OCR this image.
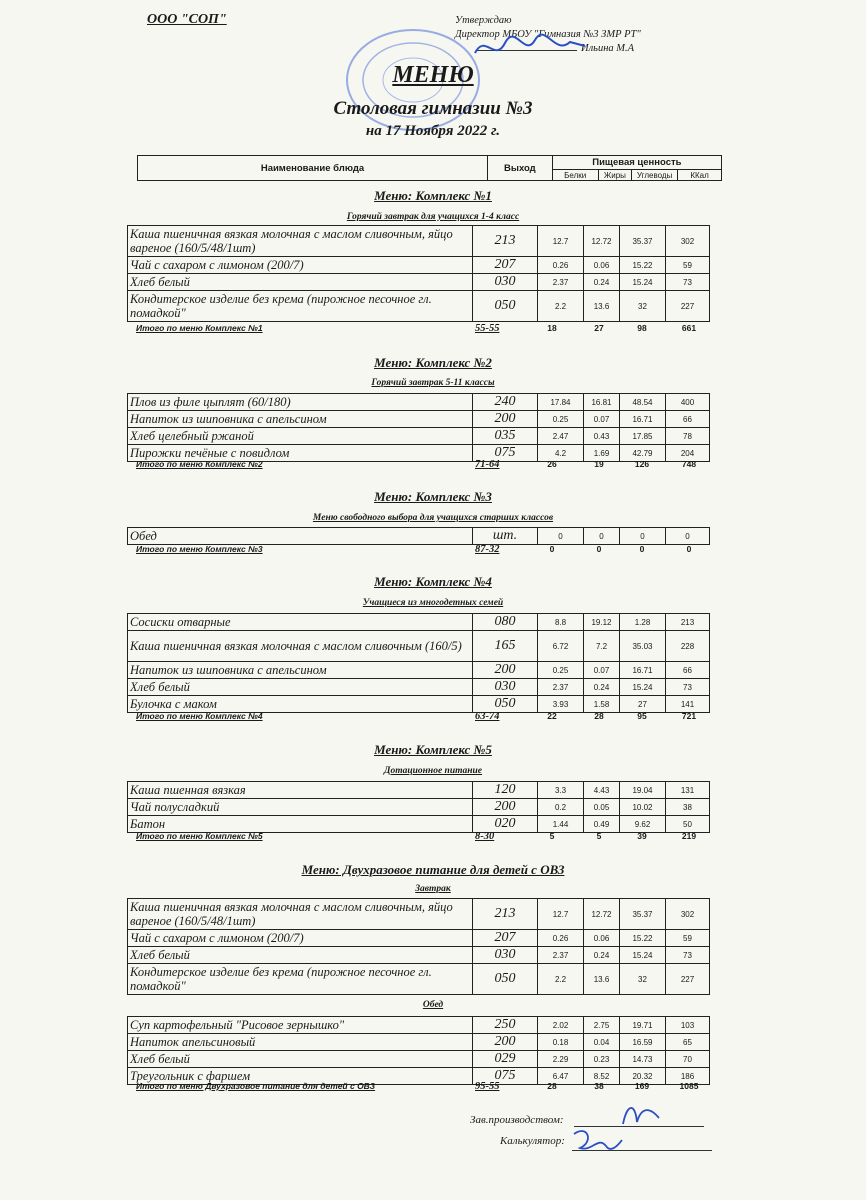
ООО "СОП"	Утверждаю
Директор МБОУ "Гимназия №3 ЗМР РТ"
Ильина М.А
МЕНЮ
Столовая гимназии №3
на 17 Ноября 2022 г.
Наименование блюда	Выход	Пищевая ценность			
		Белки	Жиры	Углеводы	ККал
Меню: Комплекс №1
Горячий завтрак для учащихся 1-4 класс
Каша пшеничная вязкая молочная с маслом сливочным, яйцо вареное (160/5/48/1шт)	213	12.7	12.72	35.37	302
Чай с сахаром с лимоном (200/7)	207	0.26	0.06	15.22	59
Хлеб белый	030	2.37	0.24	15.24	73
Кондитерское изделие без крема (пирожное песочное гл. помадкой"	050	2.2	13.6	32	227
Итого по меню Комплекс №1	55-55	18	27	98	661
Меню: Комплекс №2
Горячий завтрак 5-11 классы
Плов из филе цыплят (60/180)	240	17.84	16.81	48.54	400
Напиток из шиповника с апельсином	200	0.25	0.07	16.71	66
Хлеб целебный ржаной	035	2.47	0.43	17.85	78
Пирожки печёные с повидлом	075	4.2	1.69	42.79	204
Итого по меню Комплекс №2	71-64	26	19	126	748
Меню: Комплекс №3
Меню свободного выбора для учащихся старших классов
Обед	шт.	0	0	0	0
Итого по меню Комплекс №3	87-32	0	0	0	0
Меню: Комплекс №4
Учащиеся из многодетных семей
Сосиски отварные	080	8.8	19.12	1.28	213
Каша пшеничная вязкая молочная с маслом сливочным (160/5)	165	6.72	7.2	35.03	228
Напиток из шиповника с апельсином	200	0.25	0.07	16.71	66
Хлеб белый	030	2.37	0.24	15.24	73
Булочка с маком	050	3.93	1.58	27	141
Итого по меню Комплекс №4	63-74	22	28	95	721
Меню: Комплекс №5
Дотационное питание
Каша пшенная вязкая	120	3.3	4.43	19.04	131
Чай полусладкий	200	0.2	0.05	10.02	38
Батон	020	1.44	0.49	9.62	50
Итого по меню Комплекс №5	8-30	5	5	39	219
Меню: Двухразовое питание для детей с ОВЗ
Завтрак
Каша пшеничная вязкая молочная с маслом сливочным, яйцо вареное (160/5/48/1шт)	213	12.7	12.72	35.37	302
Чай с сахаром с лимоном (200/7)	207	0.26	0.06	15.22	59
Хлеб белый	030	2.37	0.24	15.24	73
Кондитерское изделие без крема (пирожное песочное гл. помадкой"	050	2.2	13.6	32	227
Обед
Суп картофельный "Рисовое зернышко"	250	2.02	2.75	19.71	103
Напиток апельсиновый	200	0.18	0.04	16.59	65
Хлеб белый	029	2.29	0.23	14.73	70
Треугольник с фаршем	075	6.47	8.52	20.32	186
Итого по меню Двухразовое питание для детей с ОВЗ	95-55	28	38	169	1085
Зав.производством:
Калькулятор:
